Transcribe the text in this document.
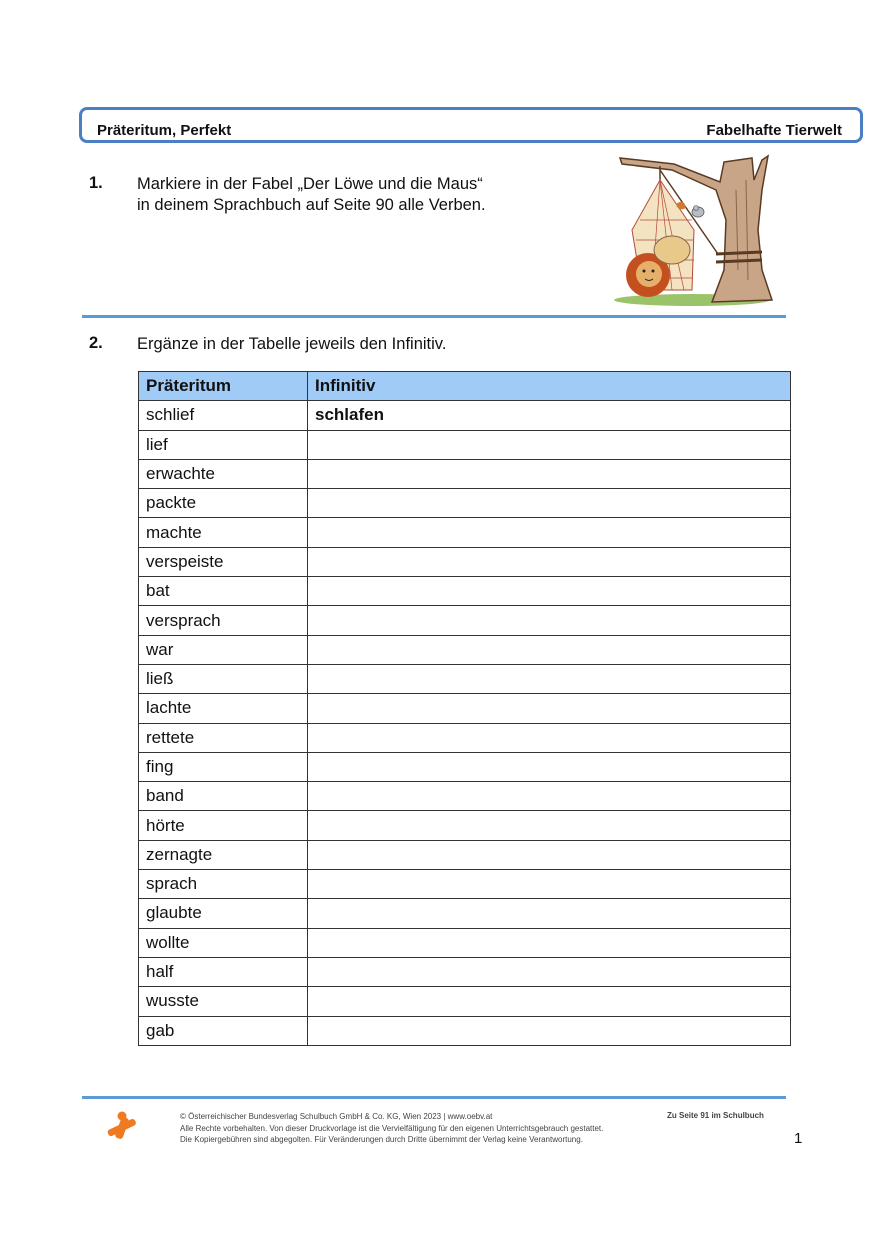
Präteritum, Perfekt	Fabelhafte Tierwelt
1. Markiere in der Fabel „Der Löwe und die Maus“
in deinem Sprachbuch auf Seite 90 alle Verben.
2. Ergänze in der Tabelle jeweils den Infinitiv.
Präteritum	Infinitiv
schlief	schlafen
lief	
erwachte	
packte	
machte	
verspeiste	
bat	
versprach	
war	
ließ	
lachte	
rettete	
fing	
band	
hörte	
zernagte	
sprach	
glaubte	
wollte	
half	
wusste	
gab	
© Österreichischer Bundesverlag Schulbuch GmbH & Co. KG, Wien 2023 | www.oebv.at
Alle Rechte vorbehalten. Von dieser Druckvorlage ist die Vervielfältigung für den eigenen Unterrichtsgebrauch gestattet.
Die Kopiergebühren sind abgegolten. Für Veränderungen durch Dritte übernimmt der Verlag keine Verantwortung.
Zu Seite 91 im Schulbuch
1
